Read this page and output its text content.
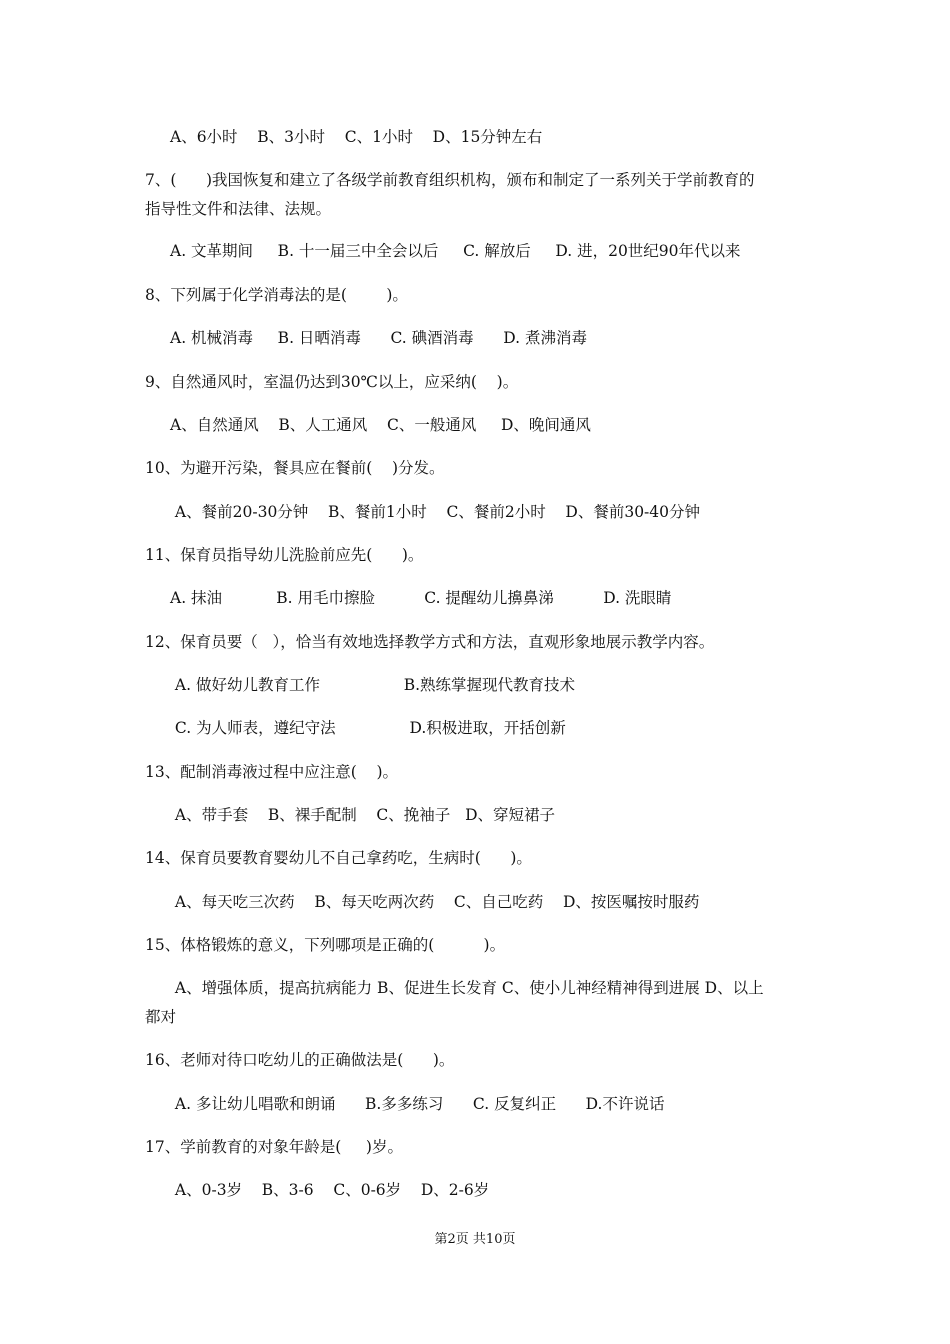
A、6小时    B、3小时    C、1小时    D、15分钟左右
7、(      )我国恢复和建立了各级学前教育组织机构，颁布和制定了一系列关于学前教育的
指导性文件和法律、法规。
A. 文革期间     B. 十一届三中全会以后     C. 解放后     D. 进，20世纪90年代以来
8、下列属于化学消毒法的是(        )。
A. 机械消毒     B. 日晒消毒      C. 碘酒消毒      D. 煮沸消毒
9、自然通风时，室温仍达到30℃以上，应采纳(    )。
A、自然通风    B、人工通风    C、一般通风     D、晚间通风
10、为避开污染，餐具应在餐前(    )分发。
A、餐前20-30分钟    B、餐前1小时    C、餐前2小时    D、餐前30-40分钟
11、保育员指导幼儿洗脸前应先(      )。
A. 抹油           B. 用毛巾擦脸          C. 提醒幼儿擤鼻涕          D. 洗眼睛
12、保育员要（   ），恰当有效地选择教学方式和方法，直观形象地展示教学内容。
A. 做好幼儿教育工作                 B.熟练掌握现代教育技术
C. 为人师表，遵纪守法               D.积极进取，开括创新
13、配制消毒液过程中应注意(    )。
A、带手套    B、裸手配制    C、挽袖子   D、穿短裙子
14、保育员要教育婴幼儿不自己拿药吃，生病时(      )。
A、每天吃三次药    B、每天吃两次药    C、自己吃药    D、按医嘱按时服药
15、体格锻炼的意义，下列哪项是正确的(          )。
A、增强体质，提高抗病能力 B、促进生长发育 C、使小儿神经精神得到进展 D、以上
都对
16、老师对待口吃幼儿的正确做法是(      )。
A. 多让幼儿唱歌和朗诵      B.多多练习      C. 反复纠正      D.不许说话
17、学前教育的对象年龄是(     )岁。
A、0-3岁    B、3-6    C、0-6岁    D、2-6岁
第2页 共10页
